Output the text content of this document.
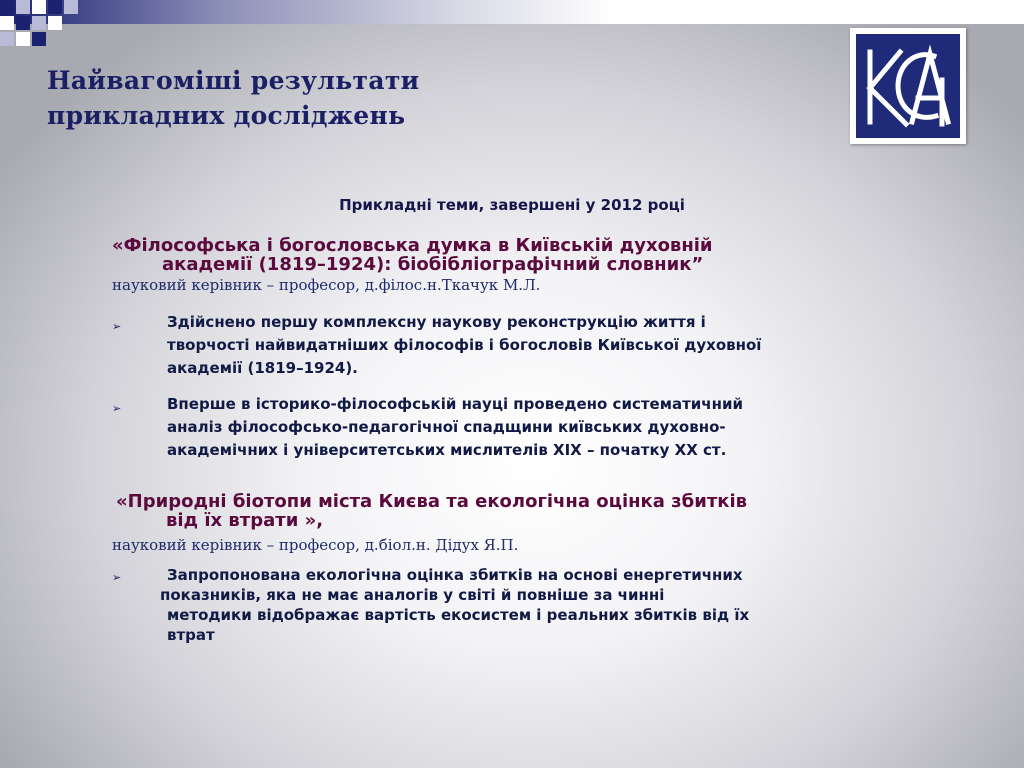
Найвагоміші результати
прикладних досліджень
Прикладні теми, завершені у 2012 році
«Філософська і богословська думка в Київській духовній
академії (1819–1924): біобібліографічний словник”
науковий керівник – професор, д.філос.н.Ткачук М.Л.
➢	Здійснено першу комплексну наукову реконструкцію життя і
творчості найвидатніших філософів і богословів Київської духовної
академії (1819–1924).
➢	Вперше в історико-філософській науці проведено систематичний
аналіз філософсько-педагогічної спадщини київських духовно-
академічних і університетських мислителів XIX – початку XX ст.
«Природні біотопи міста Києва та екологічна оцінка збитків
від їх втрати »,
науковий керівник – професор, д.біол.н. Дідух Я.П.
➢	Запропонована екологічна оцінка збитків на основі енергетичних
показників, яка не має аналогів у світі й повніше за чинні
методики відображає вартість екосистем і реальних збитків від їх
втрат
